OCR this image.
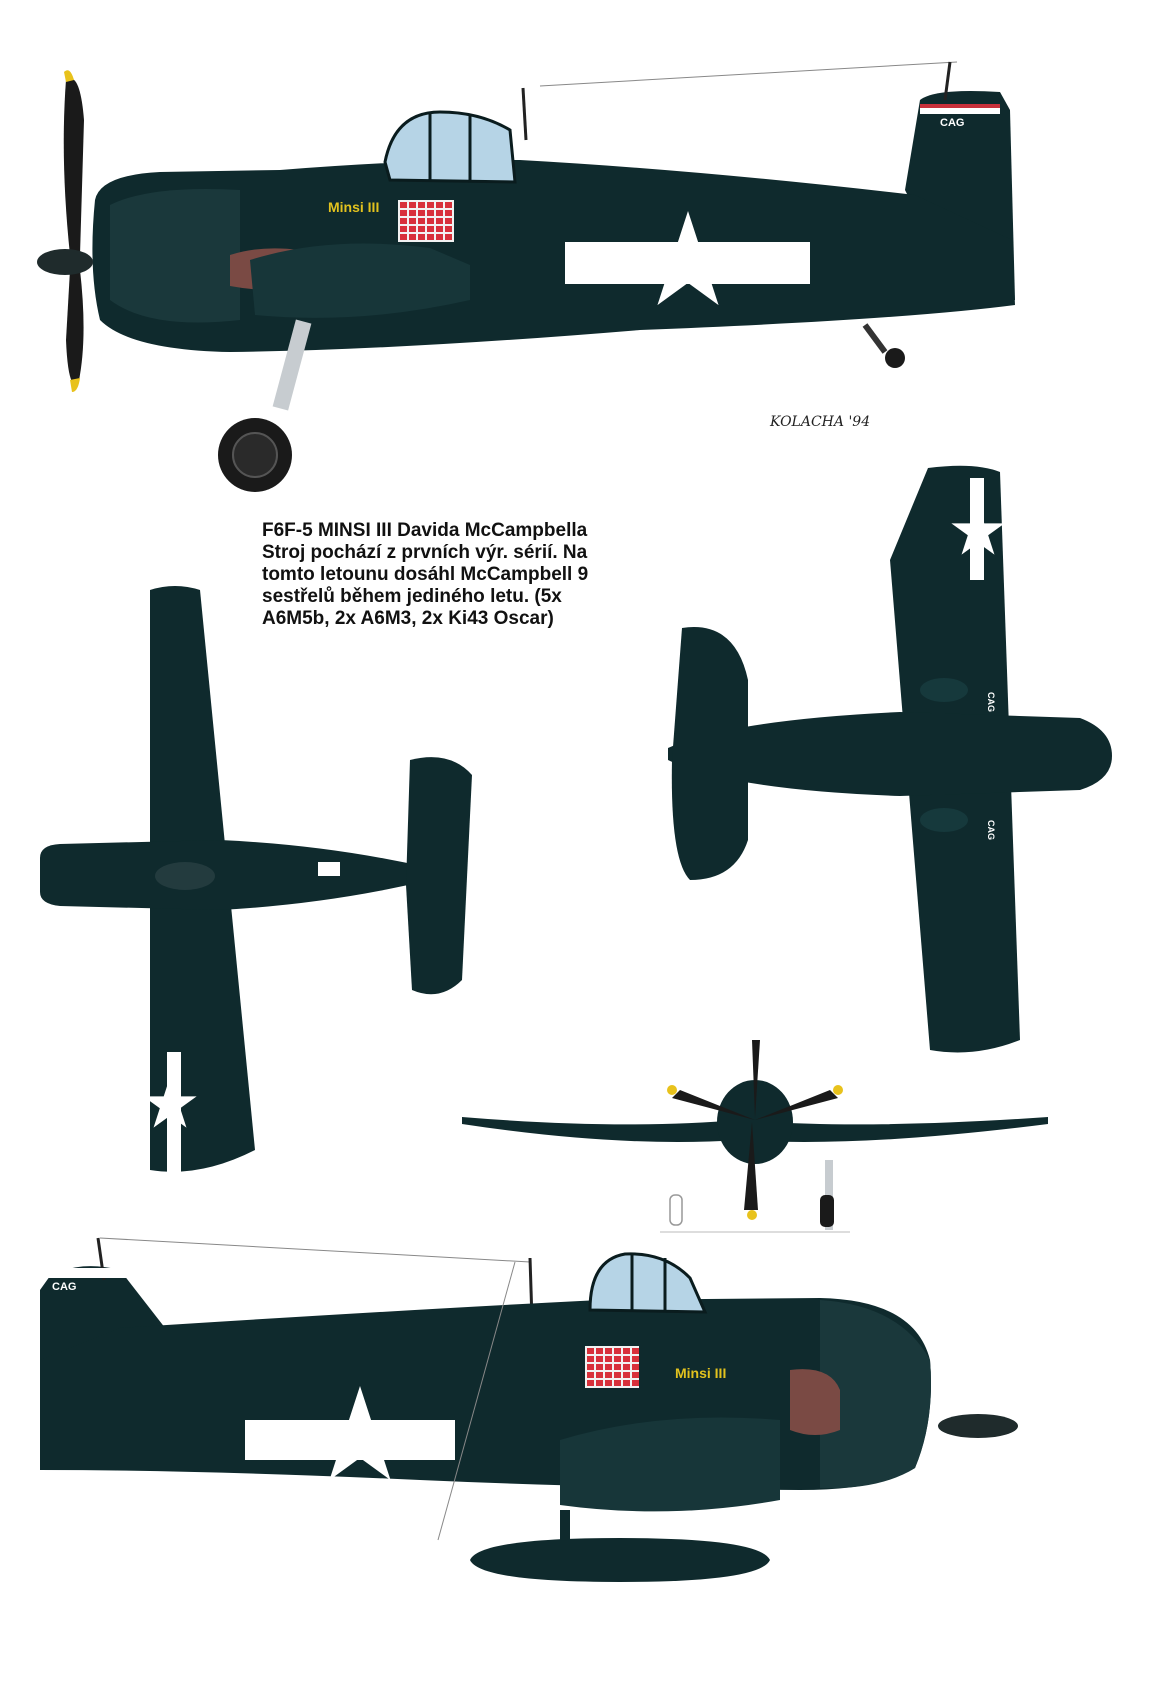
Minsi III
CAG
KOLACHA '94
CAG
CAG
CAG
Minsi III
CAG
F6F-5 MINSI III Davida McCampbella
Stroj pochází z prvních výr. sérií. Na
tomto letounu dosáhl McCampbell 9
sestřelů během jediného letu. (5x
A6M5b, 2x A6M3, 2x Ki43 Oscar)
